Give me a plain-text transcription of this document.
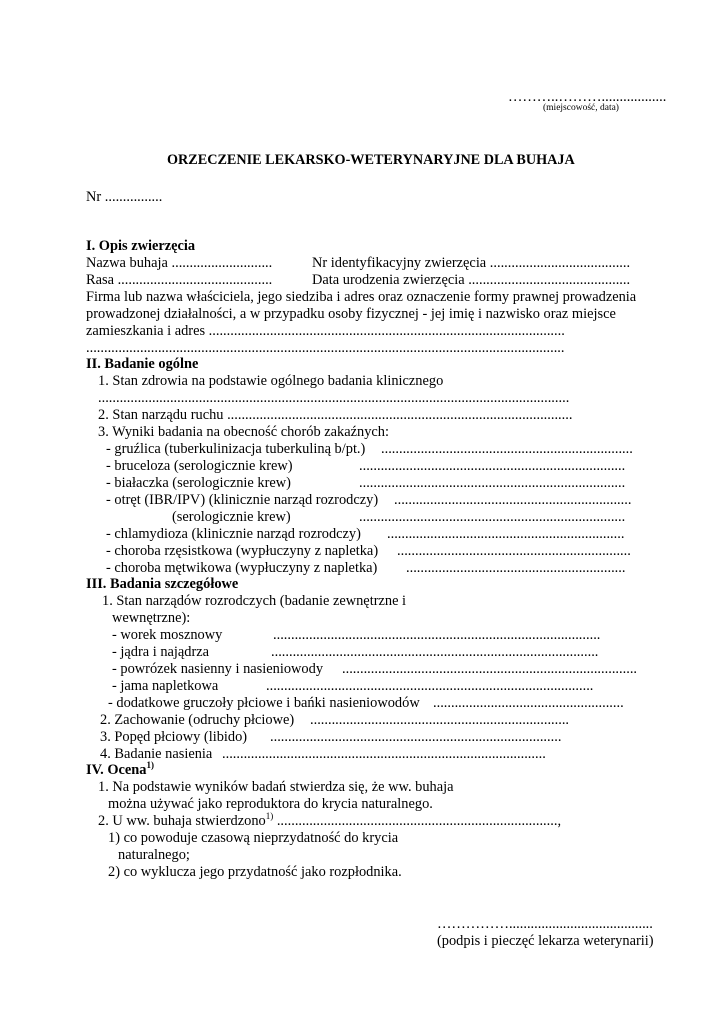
………..………..................
(miejscowość, data)
ORZECZENIE LEKARSKO-WETERYNARYJNE DLA BUHAJA
Nr ................
I. Opis zwierzęcia
Nazwa buhaja ............................	Nr identyfikacyjny zwierzęcia .......................................
Rasa ...........................................	Data urodzenia zwierzęcia .............................................
Firma lub nazwa właściciela, jego siedziba i adres oraz oznaczenie formy prawnej prowadzenia
prowadzonej działalności, a w przypadku osoby fizycznej - jej imię i nazwisko oraz miejsce
zamieszkania i adres ...................................................................................................
.....................................................................................................................................
II. Badanie ogólne
1. Stan zdrowia na podstawie ogólnego badania klinicznego
...................................................................................................................................
2. Stan narządu ruchu ................................................................................................
3. Wyniki badania na obecność chorób zakaźnych:
- gruźlica (tuberkulinizacja tuberkuliną b/pt.) ......................................................................
- bruceloza (serologicznie krew)	..........................................................................
- białaczka (serologicznie krew)	..........................................................................
- otręt (IBR/IPV) (klinicznie narząd rozrodczy) ..................................................................
(serologicznie krew)	..........................................................................
- chlamydioza (klinicznie narząd rozrodczy) ..................................................................
- choroba rzęsistkowa (wypłuczyny z napletka) .................................................................
- choroba mętwikowa (wypłuczyny z napletka) .............................................................
III. Badania szczegółowe
1. Stan narządów rozrodczych (badanie zewnętrzne i
wewnętrzne):
- worek mosznowy	...........................................................................................
- jądra i najądrza	...........................................................................................
- powrózek nasienny i nasieniowody ..................................................................................
- jama napletkowa	...........................................................................................
- dodatkowe gruczoły płciowe i bańki nasieniowodów .....................................................
2. Zachowanie (odruchy płciowe) ........................................................................
3. Popęd płciowy (libido) .................................................................................
4. Badanie nasienia ..........................................................................................
IV. Ocena$^{1)}$
1. Na podstawie wyników badań stwierdza się, że ww. buhaja
można używać jako reproduktora do krycia naturalnego.
2. U ww. buhaja stwierdzono$^{1)}$ ..............................................................................,
1) co powoduje czasową nieprzydatność do krycia
naturalnego;
2) co wyklucza jego przydatność jako rozpłodnika.
……………........................................
(podpis i pieczęć lekarza weterynarii)
